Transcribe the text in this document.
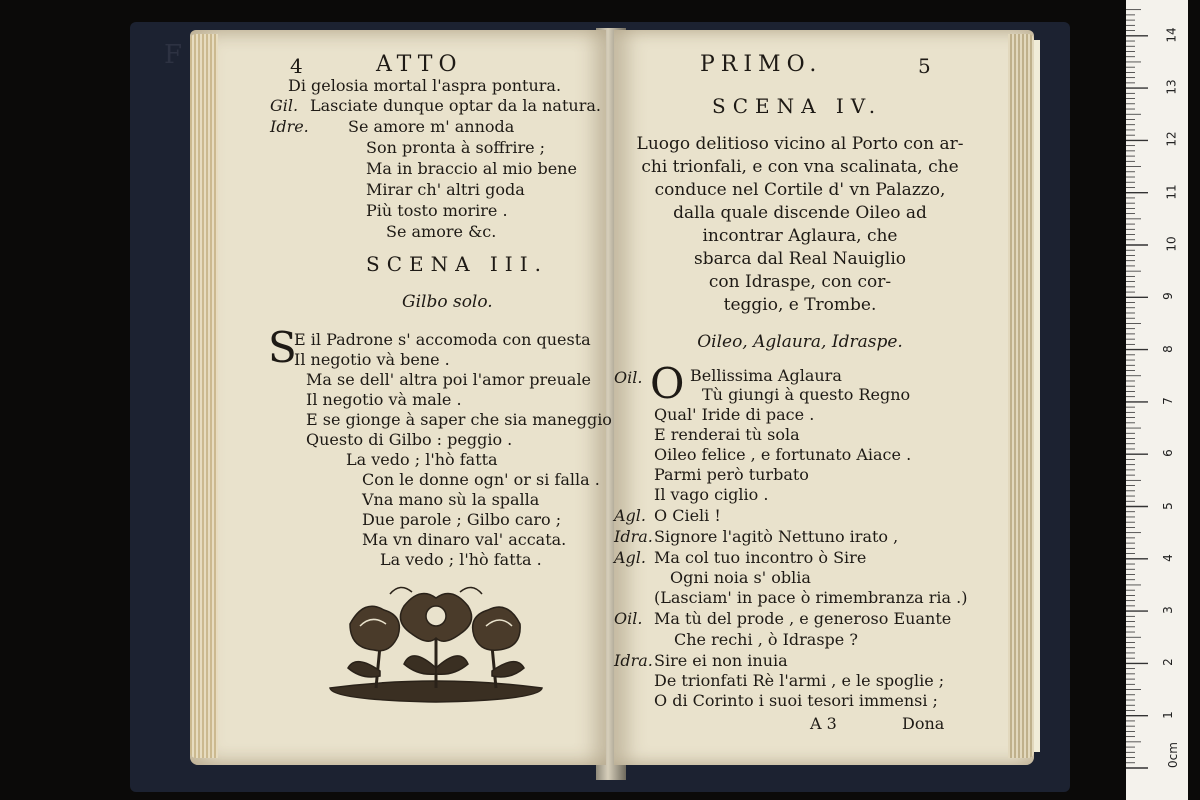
F	4	ATTO
Di gelosia mortal l'aspra pontura.
Gil. Lasciate dunque optar da la natura.
Idre. Se amore m' annoda
Son pronta à soffrire ;
Ma in braccio al mio bene
Mirar ch' altri goda
Più tosto morire .
Se amore &c.
SCENA III.
Gilbo solo.
S
E il Padrone s' accomoda con questa
Il negotio và bene .
Ma se dell' altra poi l'amor preuale
Il negotio và male .
E se gionge à saper che sia maneggio
Questo di Gilbo : peggio .
La vedo ; l'hò fatta
Con le donne ogn' or si falla .
Vna mano sù la spalla
Due parole ; Gilbo caro ;
Ma vn dinaro val' accata.
La vedo ; l'hò fatta .
PRIMO.	5
SCENA IV.
Luogo delitioso vicino al Porto con ar-
chi trionfali, e con vna scalinata, che
conduce nel Cortile d' vn Palazzo,
dalla quale discende Oileo ad
incontrar Aglaura, che
sbarca dal Real Nauiglio
con Idraspe, con cor-
teggio, e Trombe.
Oileo, Aglaura, Idraspe.
Oil. O Bellissima Aglaura
Tù giungi à questo Regno
Qual' Iride di pace .
E renderai tù sola
Oileo felice , e fortunato Aiace .
Parmi però turbato
Il vago ciglio .
Agl. O Cieli !
Idra.Signore l'agitò Nettuno irato ,
Agl. Ma col tuo incontro ò Sire
Ogni noia s' oblia
(Lasciam' in pace ò rimembranza ria .)
Oil. Ma tù del prode , e generoso Euante
Che rechi , ò Idraspe ?
Idra.Sire ei non inuia
De trionfati Rè l'armi , e le spoglie ;
O di Corinto i suoi tesori immensi ;
A 3	Dona
0cm
1
2
3
4
5
6
7
8
9
10
11
12
13
14
